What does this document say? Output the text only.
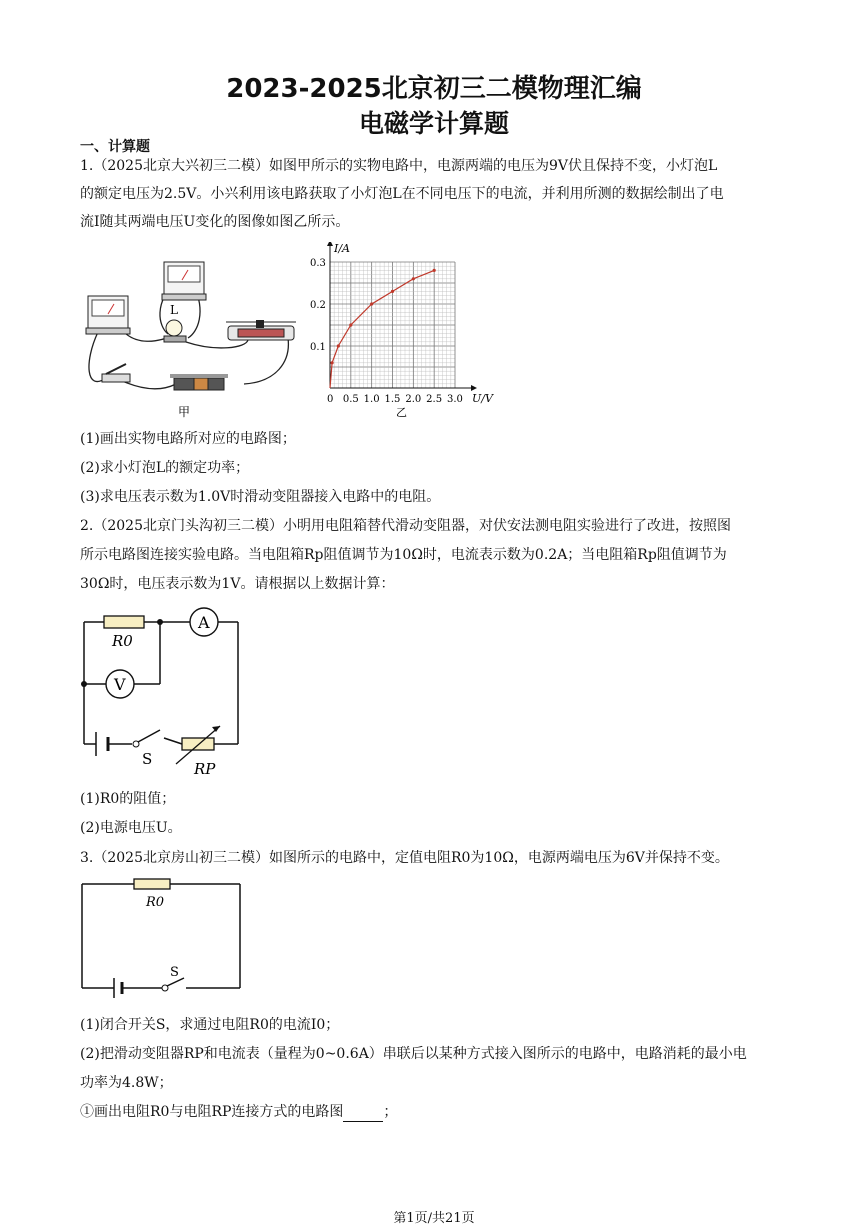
2023-2025北京初三二模物理汇编
电磁学计算题
一、计算题
1.（2025北京大兴初三二模）如图甲所示的实物电路中，电源两端的电压为9V伏且保持不变，小灯泡L
的额定电压为2.5V。小兴利用该电路获取了小灯泡L在不同电压下的电流，并利用所测的数据绘制出了电
流I随其两端电压U变化的图像如图乙所示。
L
甲
0 0.5 1.0 1.5 2.0 2.5 3.0
0.1
0.2
0.3
I/A
U/V
乙
(1)画出实物电路所对应的电路图；
(2)求小灯泡L的额定功率；
(3)求电压表示数为1.0V时滑动变阻器接入电路中的电阻。
2.（2025北京门头沟初三二模）小明用电阻箱替代滑动变阻器，对伏安法测电阻实验进行了改进，按照图
所示电路图连接实验电路。当电阻箱Rp阻值调节为10Ω时，电流表示数为0.2A；当电阻箱Rp阻值调节为
30Ω时，电压表示数为1V。请根据以上数据计算：
S
R0
A
V
RP
(1)R0的阻值；
(2)电源电压U。
3.（2025北京房山初三二模）如图所示的电路中，定值电阻R0为10Ω，电源两端电压为6V并保持不变。
R0
S
(1)闭合开关S，求通过电阻R0的电流I0；
(2)把滑动变阻器RP和电流表（量程为0~0.6A）串联后以某种方式接入图所示的电路中，电路消耗的最小电
功率为4.8W；
①画出电阻R0与电阻RP连接方式的电路图	；
第1页/共21页
